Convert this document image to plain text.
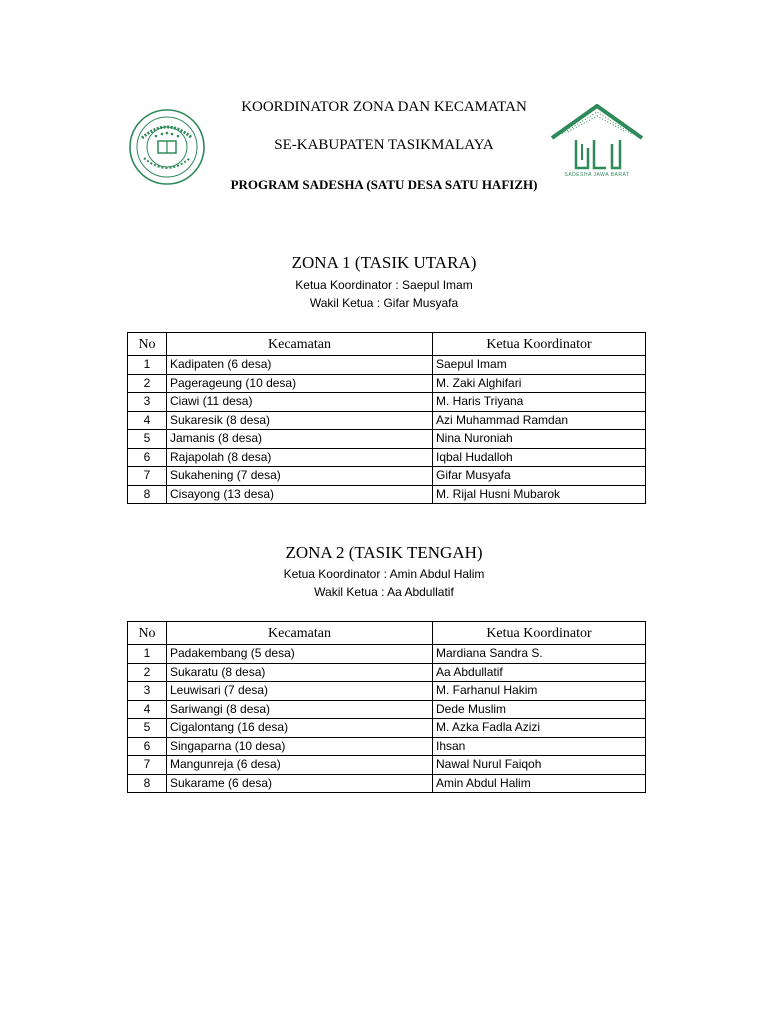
SADESHA JAWA BARAT
KOORDINATOR ZONA DAN KECAMATAN
SE-KABUPATEN TASIKMALAYA
PROGRAM SADESHA (SATU DESA SATU HAFIZH)
ZONA 1 (TASIK UTARA)
Ketua Koordinator : Saepul Imam
Wakil Ketua : Gifar Musyafa
No	Kecamatan	Ketua Koordinator
1	Kadipaten (6 desa)	Saepul Imam
2	Pagerageung (10 desa)	M. Zaki Alghifari
3	Ciawi (11 desa)	M. Haris Triyana
4	Sukaresik (8 desa)	Azi Muhammad Ramdan
5	Jamanis (8 desa)	Nina Nuroniah
6	Rajapolah (8 desa)	Iqbal Hudalloh
7	Sukahening (7 desa)	Gifar Musyafa
8	Cisayong (13 desa)	M. Rijal Husni Mubarok
ZONA 2 (TASIK TENGAH)
Ketua Koordinator : Amin Abdul Halim
Wakil Ketua : Aa Abdullatif
No	Kecamatan	Ketua Koordinator
1	Padakembang (5 desa)	Mardiana Sandra S.
2	Sukaratu (8 desa)	Aa Abdullatif
3	Leuwisari (7 desa)	M. Farhanul Hakim
4	Sariwangi (8 desa)	Dede Muslim
5	Cigalontang (16 desa)	M. Azka Fadla Azizi
6	Singaparna (10 desa)	Ihsan
7	Mangunreja (6 desa)	Nawal Nurul Faiqoh
8	Sukarame (6 desa)	Amin Abdul Halim
